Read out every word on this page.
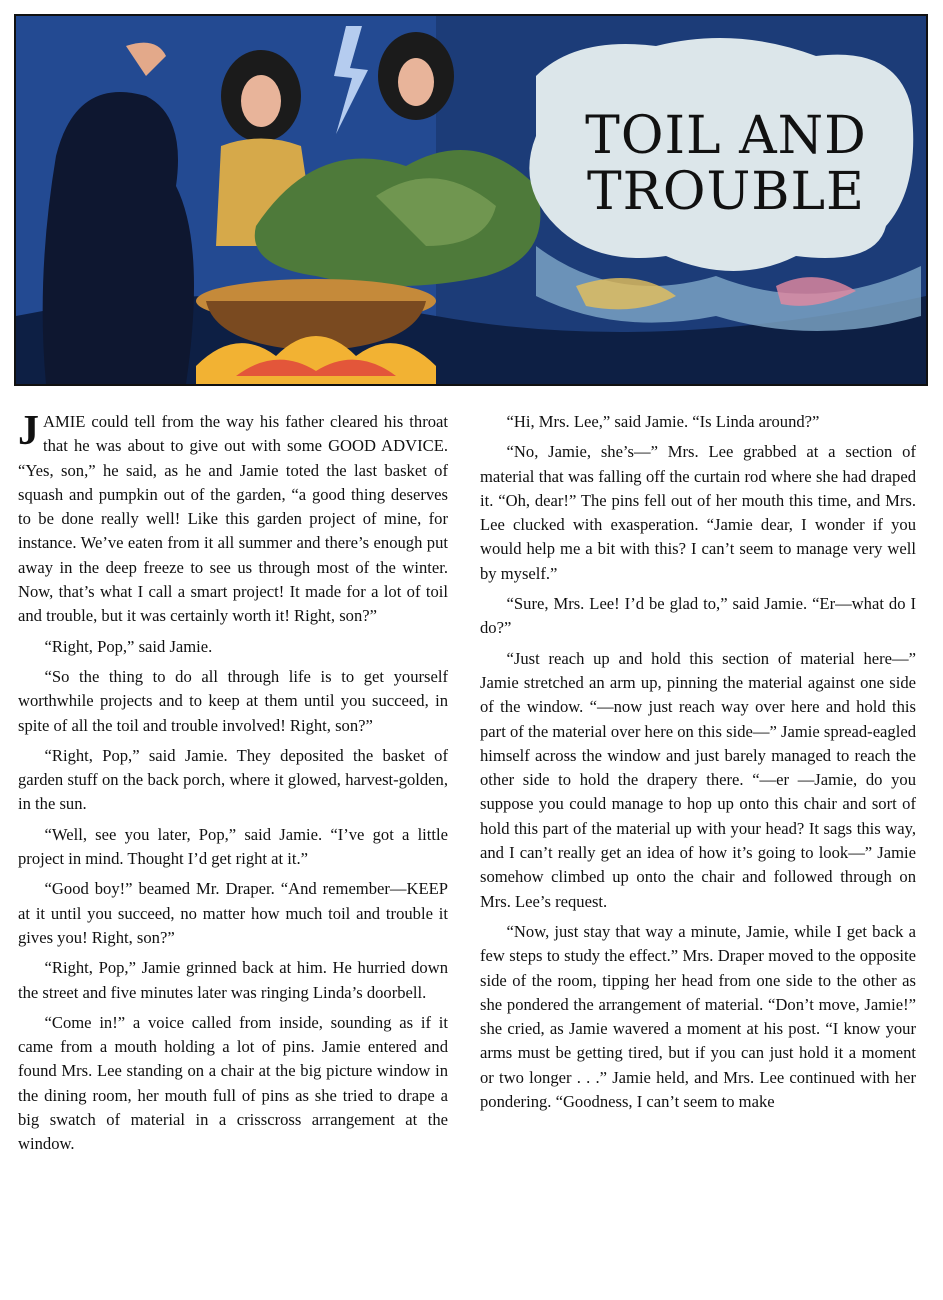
TOIL AND
TROUBLE

JAMIE could tell from the way his father cleared his throat that he was about to give out with some GOOD ADVICE. “Yes, son,” he said, as he and Jamie toted the last basket of squash and pumpkin out of the garden, “a good thing deserves to be done really well! Like this garden project of mine, for instance. We’ve eaten from it all summer and there’s enough put away in the deep freeze to see us through most of the winter. Now, that’s what I call a smart project! It made for a lot of toil and trouble, but it was certainly worth it! Right, son?”

“Right, Pop,” said Jamie.

“So the thing to do all through life is to get yourself worthwhile projects and to keep at them until you succeed, in spite of all the toil and trouble involved! Right, son?”

“Right, Pop,” said Jamie. They deposited the basket of garden stuff on the back porch, where it glowed, harvest-golden, in the sun.

“Well, see you later, Pop,” said Jamie. “I’ve got a little project in mind. Thought I’d get right at it.”

“Good boy!” beamed Mr. Draper. “And remember—KEEP at it until you succeed, no matter how much toil and trouble it gives you! Right, son?”

“Right, Pop,” Jamie grinned back at him. He hurried down the street and five minutes later was ringing Linda’s doorbell.

“Come in!” a voice called from inside, sounding as if it came from a mouth holding a lot of pins. Jamie entered and found Mrs. Lee standing on a chair at the big picture window in the dining room, her mouth full of pins as she tried to drape a big swatch of material in a crisscross arrangement at the window.

“Hi, Mrs. Lee,” said Jamie. “Is Linda around?”

“No, Jamie, she’s—” Mrs. Lee grabbed at a section of material that was falling off the curtain rod where she had draped it. “Oh, dear!” The pins fell out of her mouth this time, and Mrs. Lee clucked with exasperation. “Jamie dear, I wonder if you would help me a bit with this? I can’t seem to manage very well by myself.”

“Sure, Mrs. Lee! I’d be glad to,” said Jamie. “Er—what do I do?”

“Just reach up and hold this section of material here—” Jamie stretched an arm up, pinning the material against one side of the window. “—now just reach way over here and hold this part of the material over here on this side—” Jamie spread-eagled himself across the window and just barely managed to reach the other side to hold the drapery there. “—er —Jamie, do you suppose you could manage to hop up onto this chair and sort of hold this part of the material up with your head? It sags this way, and I can’t really get an idea of how it’s going to look—” Jamie somehow climbed up onto the chair and followed through on Mrs. Lee’s request.

“Now, just stay that way a minute, Jamie, while I get back a few steps to study the effect.” Mrs. Draper moved to the opposite side of the room, tipping her head from one side to the other as she pondered the arrangement of material. “Don’t move, Jamie!” she cried, as Jamie wavered a moment at his post. “I know your arms must be getting tired, but if you can just hold it a moment or two longer . . .” Jamie held, and Mrs. Lee continued with her pondering. “Goodness, I can’t seem to make
